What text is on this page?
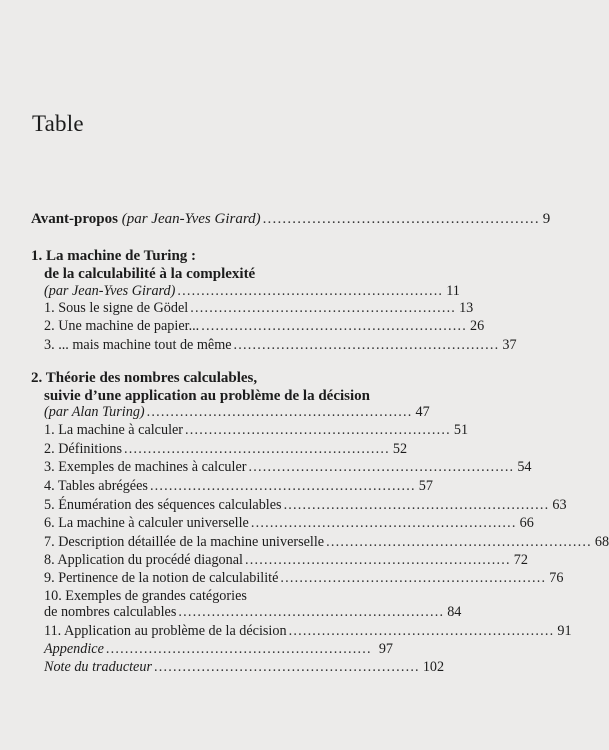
Table
Avant-propos (par Jean-Yves Girard) ........................................................ 9
1. La machine de Turing :
de la calculabilité à la complexité
(par Jean-Yves Girard) ........................................................ 11
1. Sous le signe de Gödel ........................................................ 13
2. Une machine de papier... ........................................................ 26
3. ... mais machine tout de même ........................................................ 37
2. Théorie des nombres calculables,
suivie d’une application au problème de la décision
(par Alan Turing) ........................................................ 47
1. La machine à calculer ........................................................ 51
2. Définitions ........................................................ 52
3. Exemples de machines à calculer ........................................................ 54
4. Tables abrégées ........................................................ 57
5. Énumération des séquences calculables ........................................................ 63
6. La machine à calculer universelle ........................................................ 66
7. Description détaillée de la machine universelle ........................................................ 68
8. Application du procédé diagonal ........................................................ 72
9. Pertinence de la notion de calculabilité ........................................................ 76
10. Exemples de grandes catégories
de nombres calculables ........................................................ 84
11. Application au problème de la décision ........................................................ 91
Appendice ........................................................ 97
Note du traducteur ........................................................ 102
